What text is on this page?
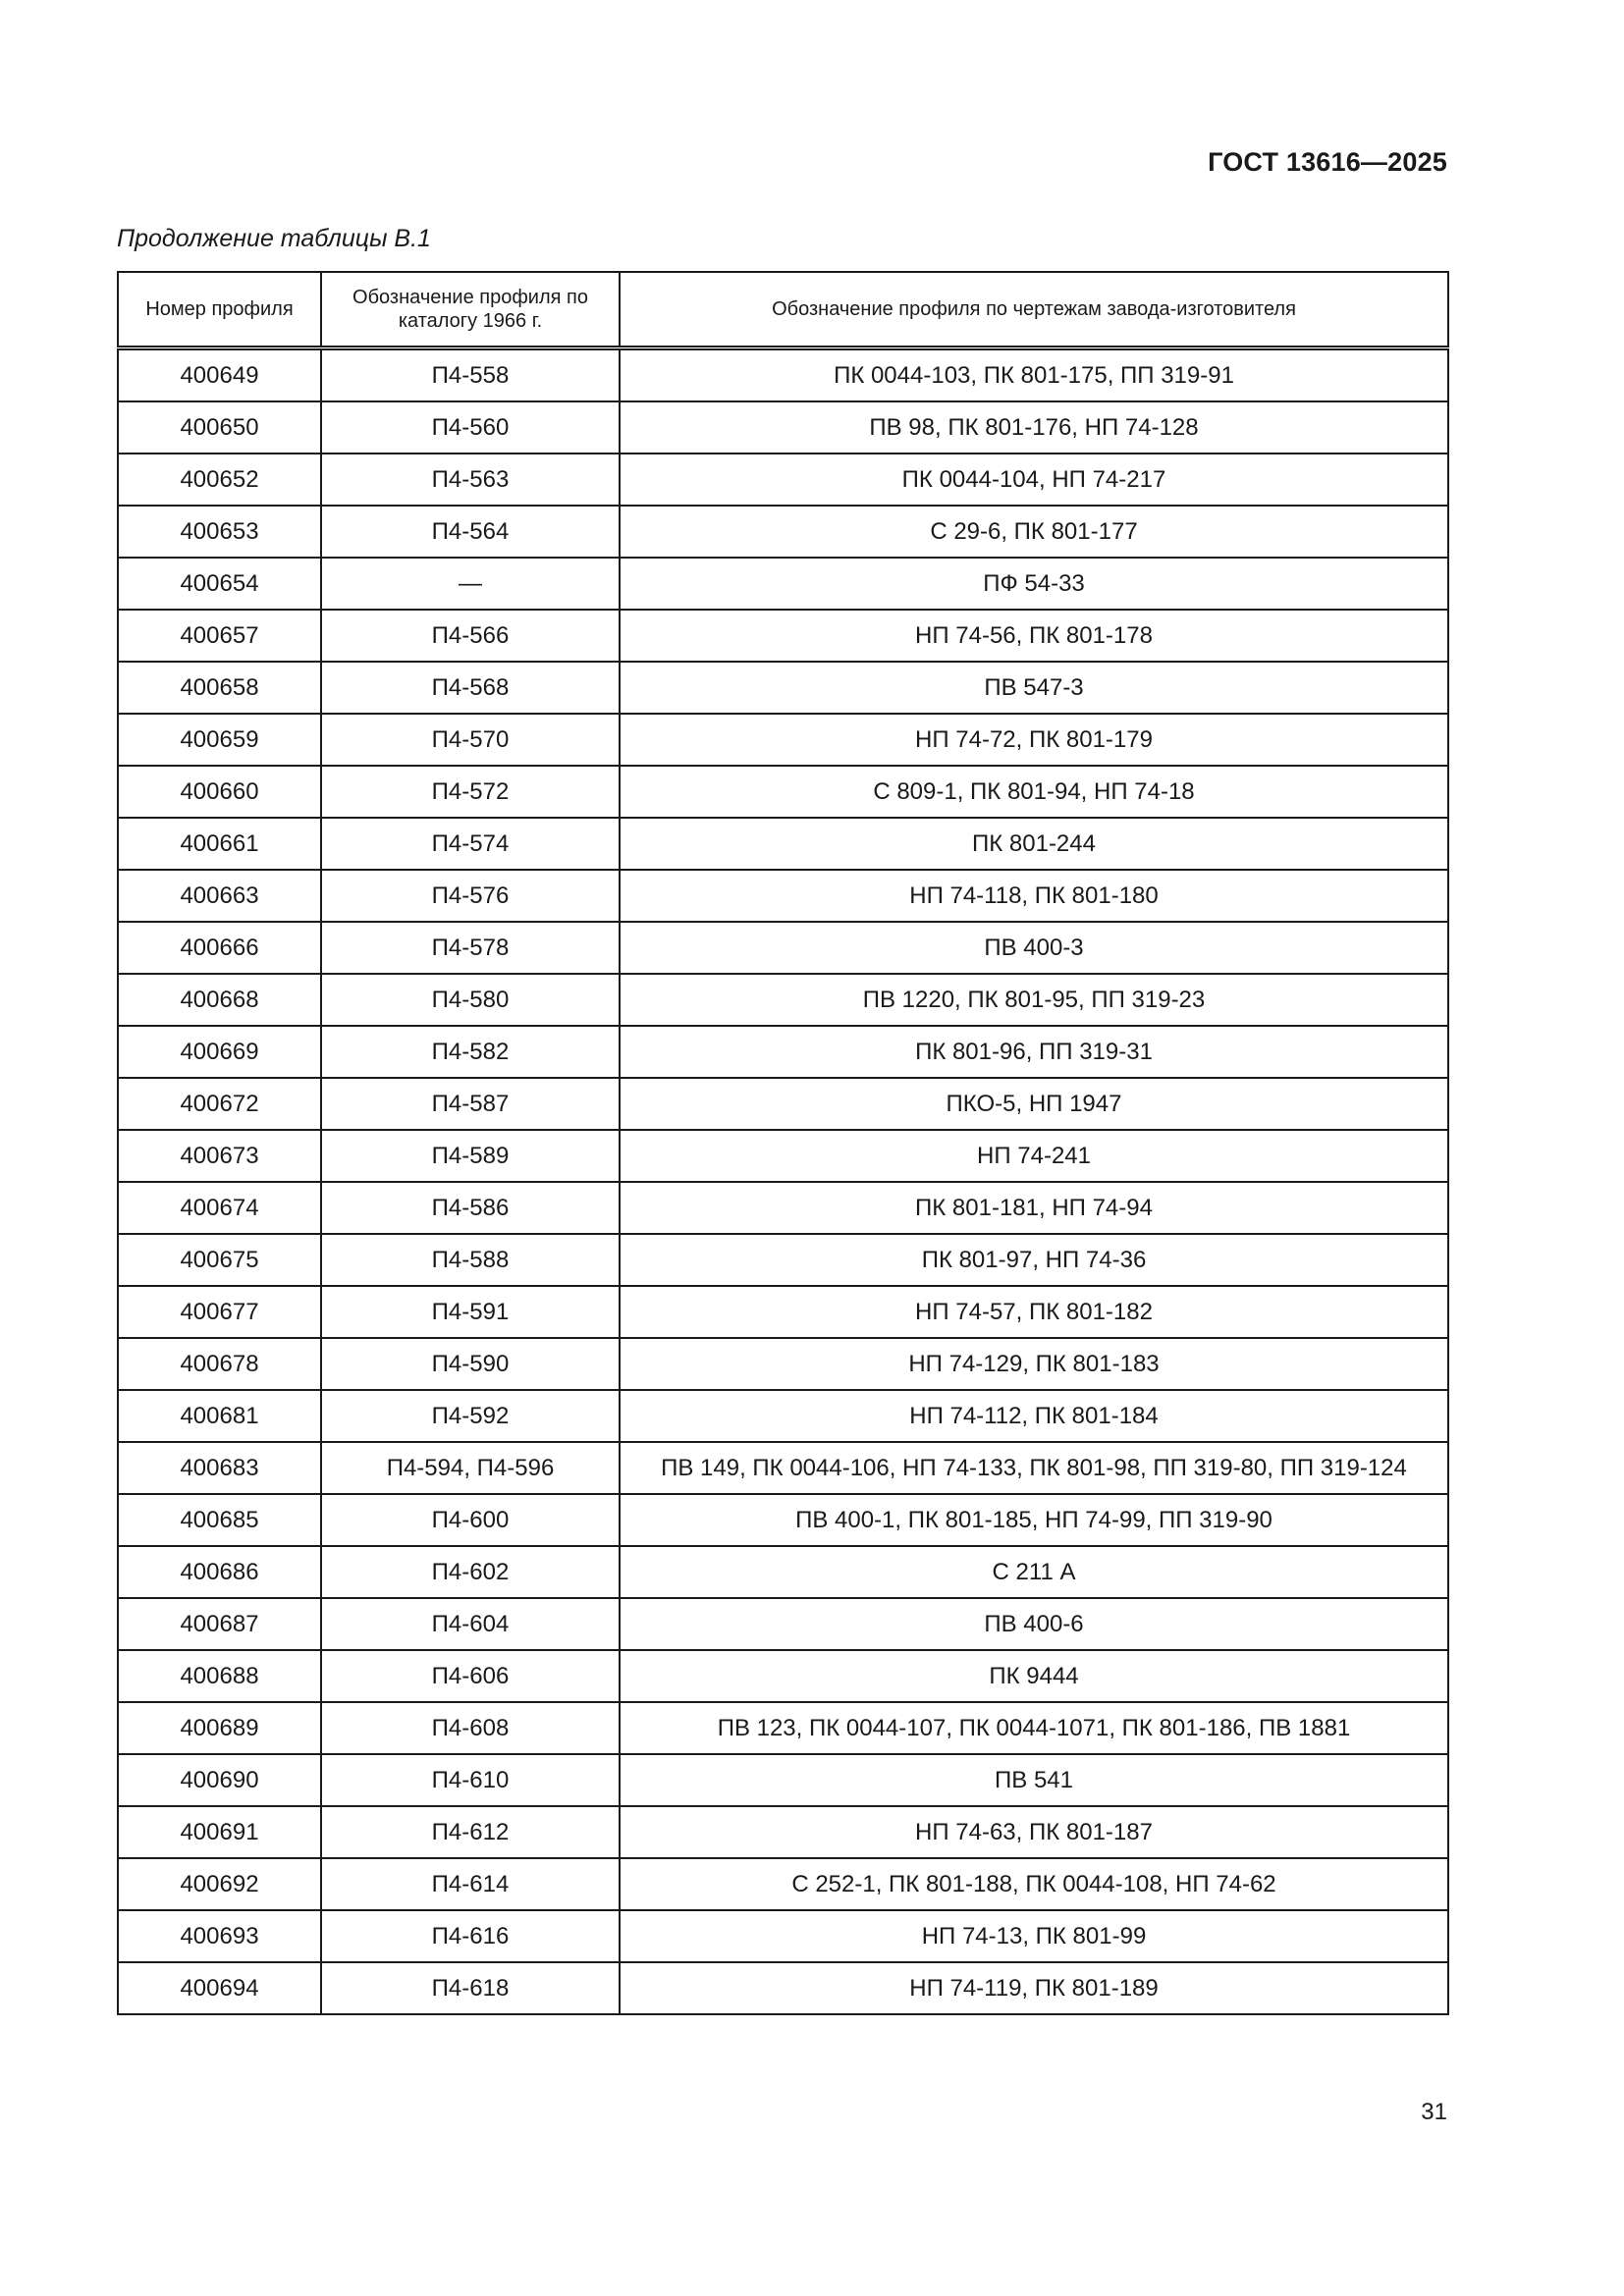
ГОСТ 13616—2025
Продолжение таблицы В.1
Номер профиля	Обозначение профиля по каталогу 1966 г.	Обозначение профиля по чертежам завода-изготовителя
400649	П4-558	ПК 0044-103, ПК 801-175, ПП 319-91
400650	П4-560	ПВ 98, ПК 801-176, НП 74-128
400652	П4-563	ПК 0044-104, НП 74-217
400653	П4-564	С 29-6, ПК 801-177
400654	—	ПФ 54-33
400657	П4-566	НП 74-56, ПК 801-178
400658	П4-568	ПВ 547-3
400659	П4-570	НП 74-72, ПК 801-179
400660	П4-572	С 809-1, ПК 801-94, НП 74-18
400661	П4-574	ПК 801-244
400663	П4-576	НП 74-118, ПК 801-180
400666	П4-578	ПВ 400-3
400668	П4-580	ПВ 1220, ПК 801-95, ПП 319-23
400669	П4-582	ПК 801-96, ПП 319-31
400672	П4-587	ПКО-5, НП 1947
400673	П4-589	НП 74-241
400674	П4-586	ПК 801-181, НП 74-94
400675	П4-588	ПК 801-97, НП 74-36
400677	П4-591	НП 74-57, ПК 801-182
400678	П4-590	НП 74-129, ПК 801-183
400681	П4-592	НП 74-112, ПК 801-184
400683	П4-594, П4-596	ПВ 149, ПК 0044-106, НП 74-133, ПК 801-98, ПП 319-80, ПП 319-124
400685	П4-600	ПВ 400-1, ПК 801-185, НП 74-99, ПП 319-90
400686	П4-602	С 211 А
400687	П4-604	ПВ 400-6
400688	П4-606	ПК 9444
400689	П4-608	ПВ 123, ПК 0044-107, ПК 0044-1071, ПК 801-186, ПВ 1881
400690	П4-610	ПВ 541
400691	П4-612	НП 74-63, ПК 801-187
400692	П4-614	С 252-1, ПК 801-188, ПК 0044-108, НП 74-62
400693	П4-616	НП 74-13, ПК 801-99
400694	П4-618	НП 74-119, ПК 801-189
31
